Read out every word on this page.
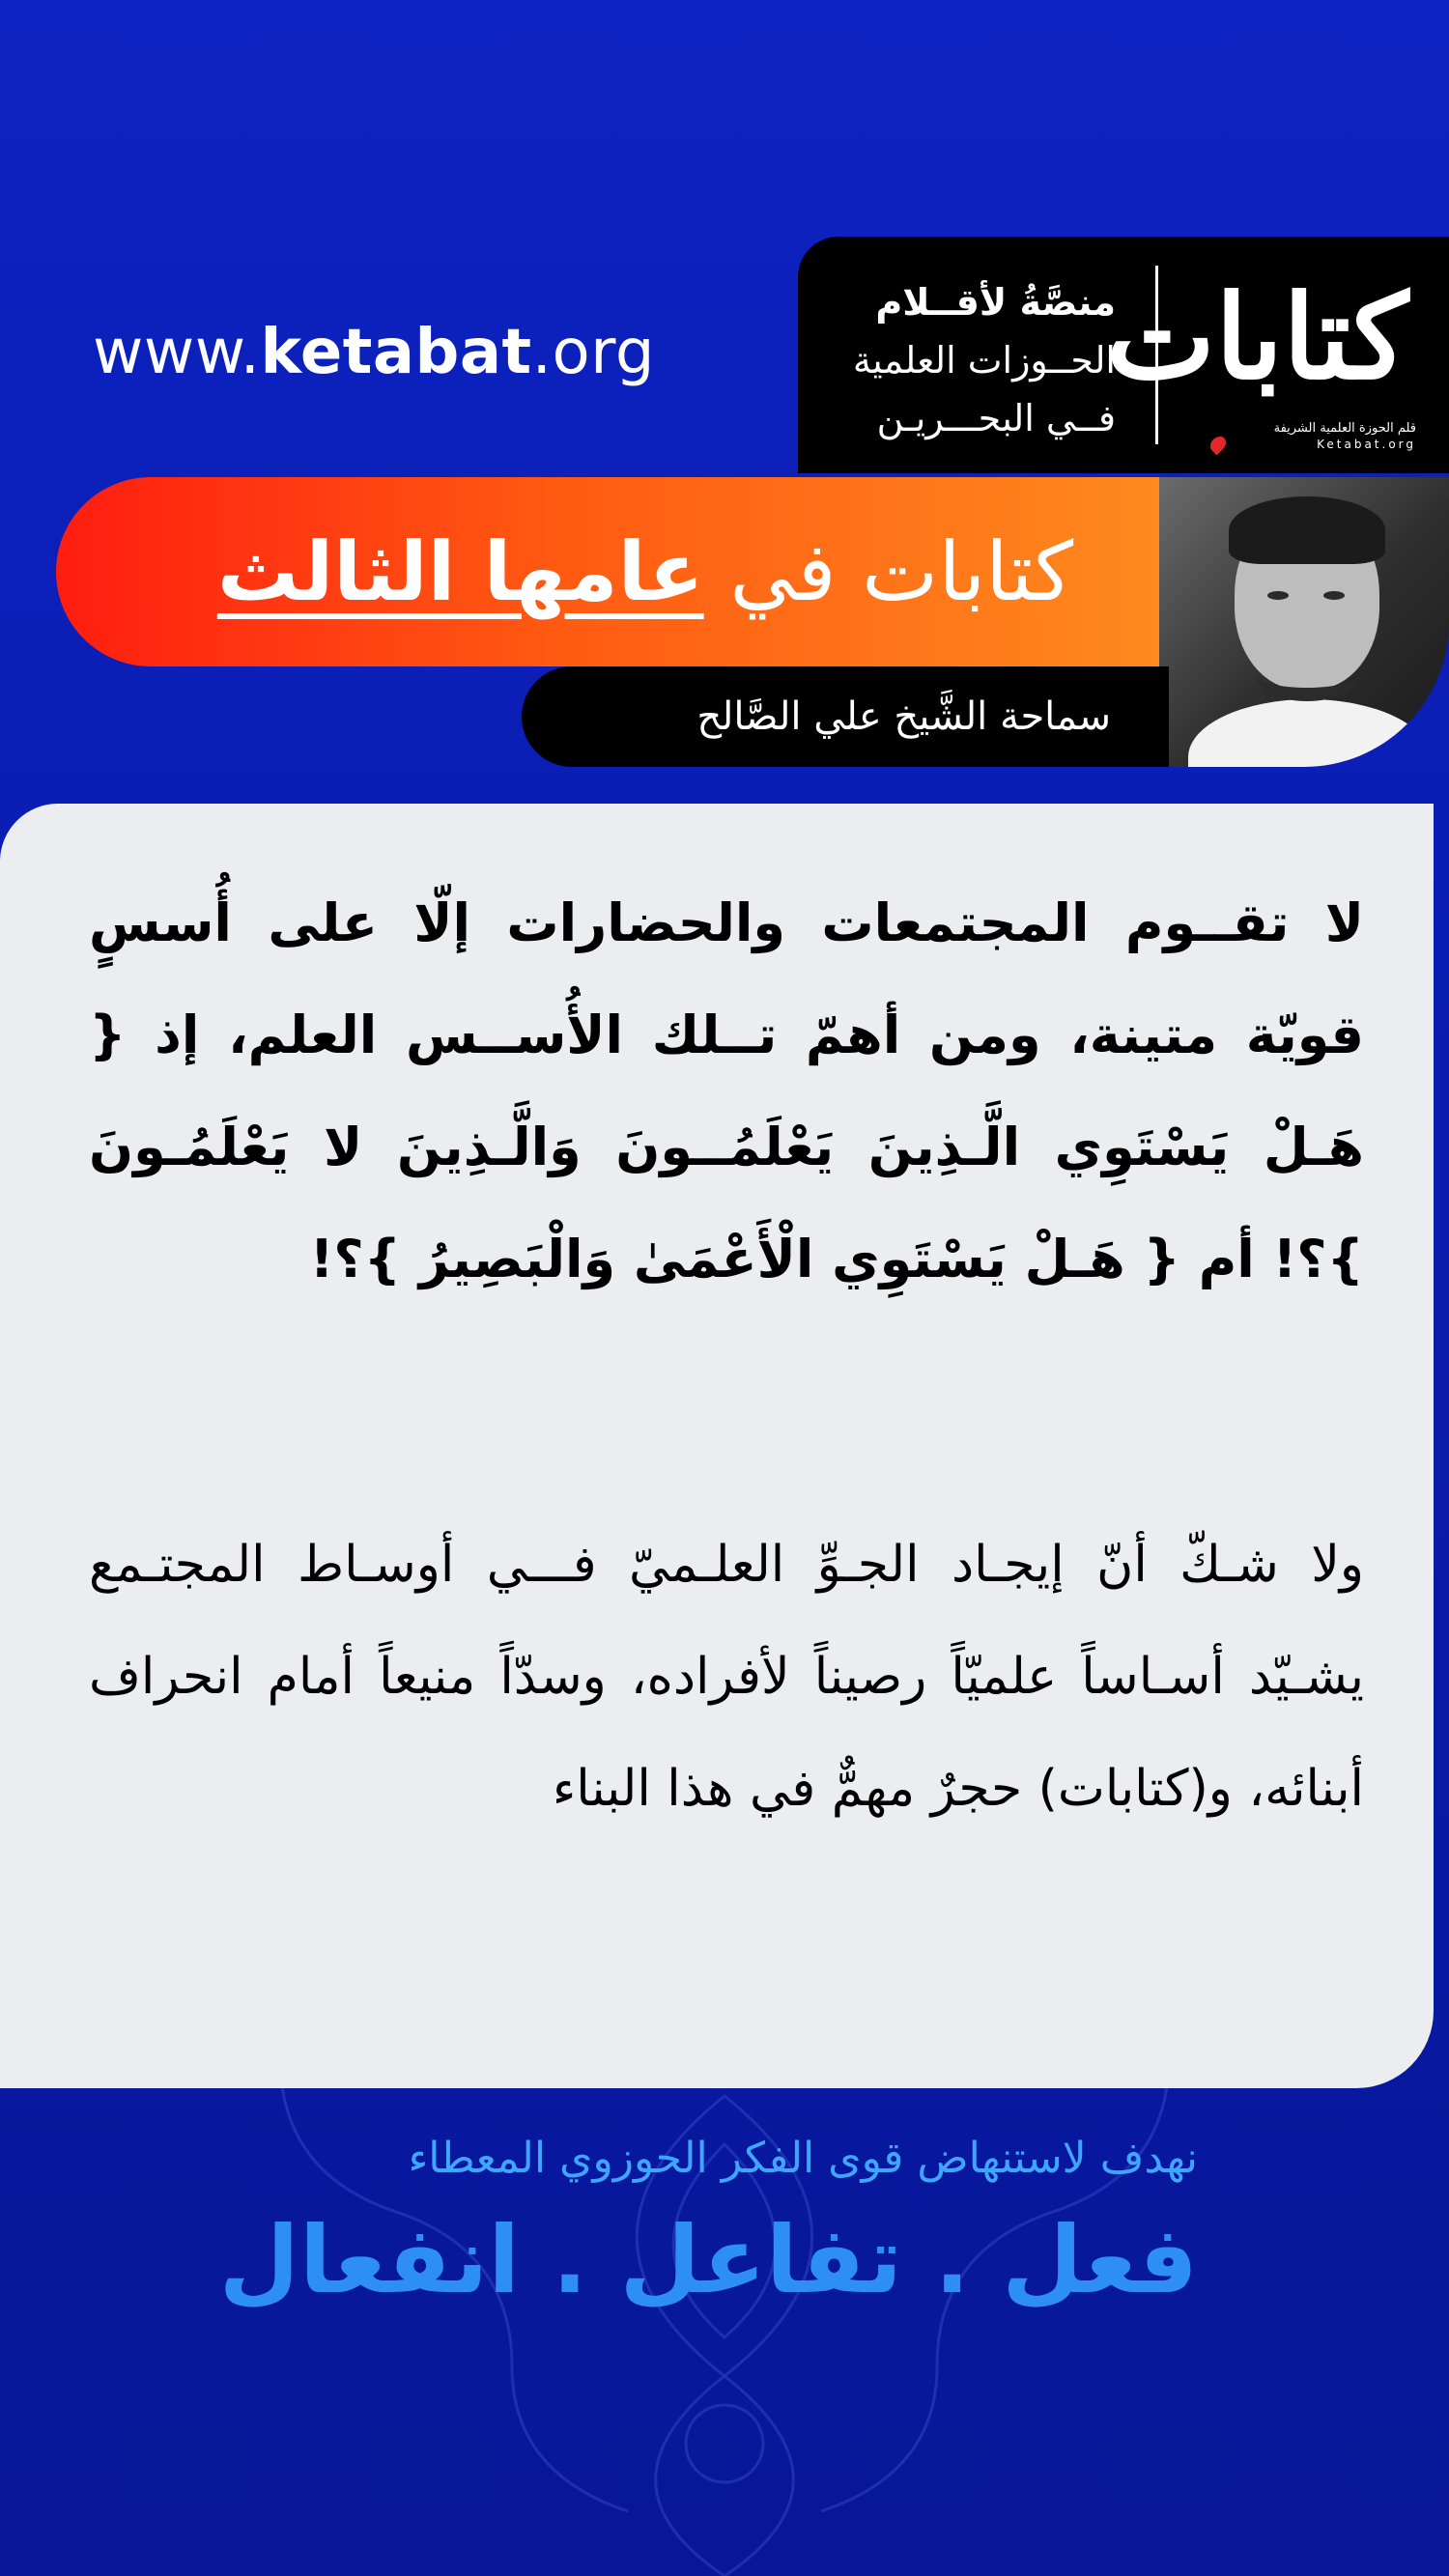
www.ketabat.org
منصَّةُ لأقــلام
الحــوزات العلمية
فــي البحـــريـن
كتابات
قلم الحوزة العلمية الشريفة
Ketabat.org
كتابات في عامها الثالث
سماحة الشَّيخ علي الصَّالح
لا تقــوم المجتمعات والحضارات إلّا على أُسسٍ قويّة متينة، ومن أهمّ تــلك الأُســس العلم، إذ { هَـلْ يَسْتَوِي الَّـذِينَ يَعْلَمُــونَ وَالَّـذِينَ لا يَعْلَمُـونَ }؟! أم { هَـلْ يَسْتَوِي الْأَعْمَىٰ وَالْبَصِيرُ }؟!
ولا شـكّ أنّ إيجـاد الجـوِّ العلـميّ فـــي أوسـاط المجتـمع يشـيّد أسـاساً علميّاً رصيناً لأفراده، وسدّاً منيعاً أمام انحراف أبنائه، و(كتابات) حجرٌ مهمٌّ في هذا البناء
نهدف لاستنهاض قوى الفكر الحوزوي المعطاء
فعل . تفاعل . انفعال
